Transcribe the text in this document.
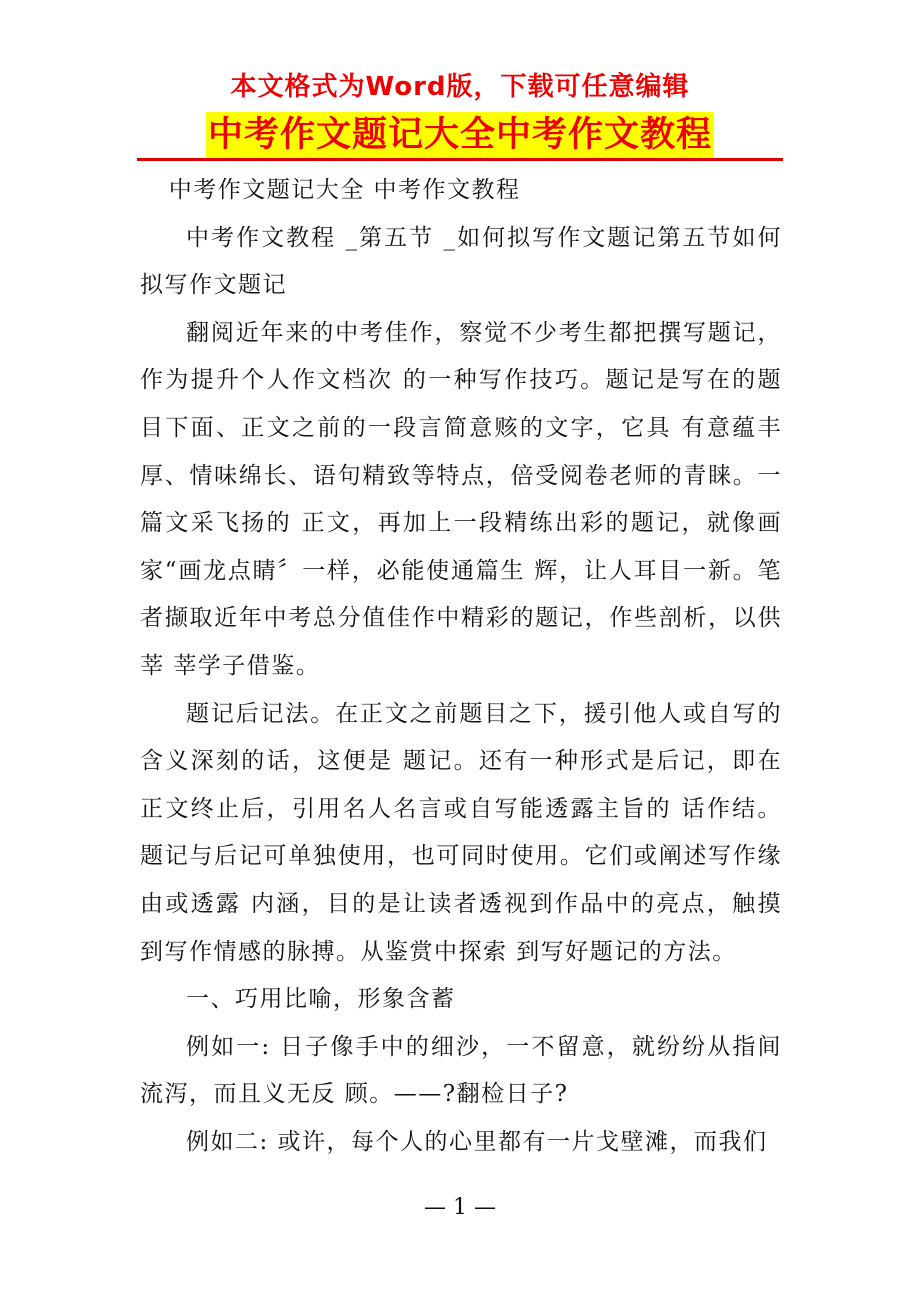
本文格式为Word版，下载可任意编辑
中考作文题记大全中考作文教程

中考作文题记大全 中考作文教程

中考作文教程 _第五节 _如何拟写作文题记第五节如何拟写作文题记

翻阅近年来的中考佳作，察觉不少考生都把撰写题记，作为提升个人作文档次 的一种写作技巧。题记是写在的题目下面、正文之前的一段言简意赅的文字，它具 有意蕴丰厚、情味绵长、语句精致等特点，倍受阅卷老师的青睐。一篇文采飞扬的 正文，再加上一段精练出彩的题记，就像画家“画龙点睛〞一样，必能使通篇生 辉，让人耳目一新。笔者撷取近年中考总分值佳作中精彩的题记，作些剖析，以供莘 莘学子借鉴。

题记后记法。在正文之前题目之下，援引他人或自写的含义深刻的话，这便是 题记。还有一种形式是后记，即在正文终止后，引用名人名言或自写能透露主旨的 话作结。题记与后记可单独使用，也可同时使用。它们或阐述写作缘由或透露 内涵，目的是让读者透视到作品中的亮点，触摸到写作情感的脉搏。从鉴赏中探索 到写好题记的方法。

一、巧用比喻，形象含蓄

例如一: 日子像手中的细沙，一不留意，就纷纷从指间流泻，而且义无反 顾。——?翻检日子?

例如二: 或许，每个人的心里都有一片戈壁滩，而我们

— 1 —
